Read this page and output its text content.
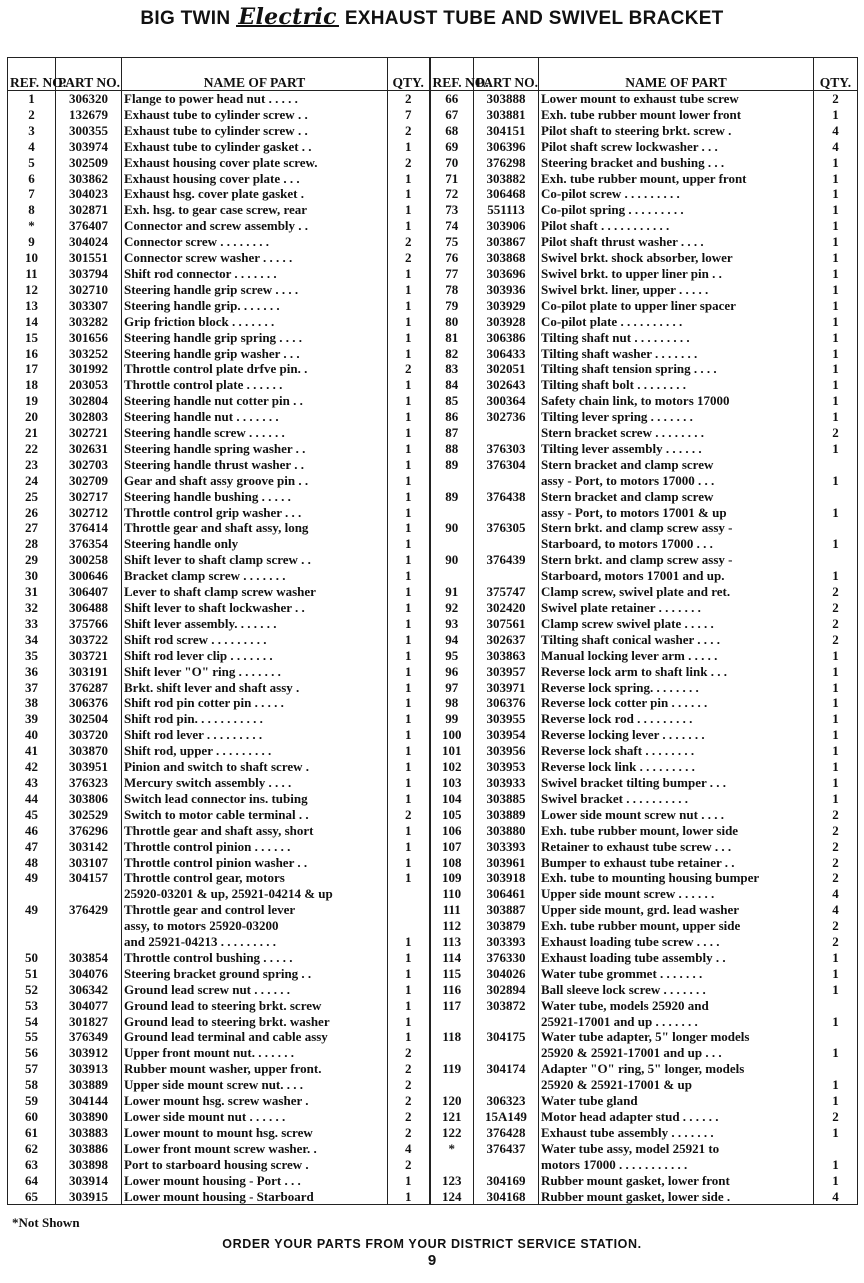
BIG TWIN Electric EXHAUST TUBE AND SWIVEL BRACKET
REF. NO.	PART NO.	NAME OF PART	QTY.	REF. NO.	PART NO.	NAME OF PART	QTY.
1	306320	Flange to power head nut . . . . .	2	66	303888	Lower mount to exhaust tube screw	2
2	132679	Exhaust tube to cylinder screw . .	7	67	303881	Exh. tube rubber mount lower front	1
3	300355	Exhaust tube to cylinder screw . .	2	68	304151	Pilot shaft to steering brkt. screw .	4
4	303974	Exhaust tube to cylinder gasket . .	1	69	306396	Pilot shaft screw lockwasher . . .	4
5	302509	Exhaust housing cover plate screw.	2	70	376298	Steering bracket and bushing . . .	1
6	303862	Exhaust housing cover plate . . .	1	71	303882	Exh. tube rubber mount, upper front	1
7	304023	Exhaust hsg. cover plate gasket .	1	72	306468	Co-pilot screw . . . . . . . . .	1
8	302871	Exh. hsg. to gear case screw, rear	1	73	551113	Co-pilot spring . . . . . . . . .	1
*	376407	Connector and screw assembly . .	1	74	303906	Pilot shaft . . . . . . . . . . .	1
9	304024	Connector screw . . . . . . . .	2	75	303867	Pilot shaft thrust washer . . . .	1
10	301551	Connector screw washer . . . . .	2	76	303868	Swivel brkt. shock absorber, lower	1
11	303794	Shift rod connector . . . . . . .	1	77	303696	Swivel brkt. to upper liner pin . .	1
12	302710	Steering handle grip screw . . . .	1	78	303936	Swivel brkt. liner, upper . . . . .	1
13	303307	Steering handle grip. . . . . . .	1	79	303929	Co-pilot plate to upper liner spacer	1
14	303282	Grip friction block . . . . . . .	1	80	303928	Co-pilot plate . . . . . . . . . .	1
15	301656	Steering handle grip spring . . . .	1	81	306386	Tilting shaft nut . . . . . . . . .	1
16	303252	Steering handle grip washer . . .	1	82	306433	Tilting shaft washer . . . . . . .	1
17	301992	Throttle control plate drfve pin. .	2	83	302051	Tilting shaft tension spring . . . .	1
18	203053	Throttle control plate . . . . . .	1	84	302643	Tilting shaft bolt . . . . . . . .	1
19	302804	Steering handle nut cotter pin . .	1	85	300364	Safety chain link, to motors 17000	1
20	302803	Steering handle nut . . . . . . .	1	86	302736	Tilting lever spring . . . . . . .	1
21	302721	Steering handle screw . . . . . .	1	87		Stern bracket screw . . . . . . . .	2
22	302631	Steering handle spring washer . .	1	88	376303	Tilting lever assembly . . . . . .	1
23	302703	Steering handle thrust washer . .	1	89	376304	Stern bracket and clamp screw	
24	302709	Gear and shaft assy groove pin . .	1			assy - Port, to motors 17000 . . .	1
25	302717	Steering handle bushing . . . . .	1	89	376438	Stern bracket and clamp screw	
26	302712	Throttle control grip washer . . .	1			assy - Port, to motors 17001 & up	1
27	376414	Throttle gear and shaft assy, long	1	90	376305	Stern brkt. and clamp screw assy -	
28	376354	Steering handle only	1			Starboard, to motors 17000 . . .	1
29	300258	Shift lever to shaft clamp screw . .	1	90	376439	Stern brkt. and clamp screw assy -	
30	300646	Bracket clamp screw . . . . . . .	1			Starboard, motors 17001 and up.	1
31	306407	Lever to shaft clamp screw washer	1	91	375747	Clamp screw, swivel plate and ret.	2
32	306488	Shift lever to shaft lockwasher . .	1	92	302420	Swivel plate retainer . . . . . . .	2
33	375766	Shift lever assembly. . . . . . .	1	93	307561	Clamp screw swivel plate . . . . .	2
34	303722	Shift rod screw . . . . . . . . .	1	94	302637	Tilting shaft conical washer . . . .	2
35	303721	Shift rod lever clip . . . . . . .	1	95	303863	Manual locking lever arm . . . . .	1
36	303191	Shift lever "O" ring . . . . . . .	1	96	303957	Reverse lock arm to shaft link . . .	1
37	376287	Brkt. shift lever and shaft assy .	1	97	303971	Reverse lock spring. . . . . . . .	1
38	306376	Shift rod pin cotter pin . . . . .	1	98	306376	Reverse lock cotter pin . . . . . .	1
39	302504	Shift rod pin. . . . . . . . . . .	1	99	303955	Reverse lock rod . . . . . . . . .	1
40	303720	Shift rod lever . . . . . . . . .	1	100	303954	Reverse locking lever . . . . . . .	1
41	303870	Shift rod, upper . . . . . . . . .	1	101	303956	Reverse lock shaft . . . . . . . .	1
42	303951	Pinion and switch to shaft screw .	1	102	303953	Reverse lock link . . . . . . . . .	1
43	376323	Mercury switch assembly . . . .	1	103	303933	Swivel bracket tilting bumper . . .	1
44	303806	Switch lead connector ins. tubing	1	104	303885	Swivel bracket . . . . . . . . . .	1
45	302529	Switch to motor cable terminal . .	2	105	303889	Lower side mount screw nut . . . .	2
46	376296	Throttle gear and shaft assy, short	1	106	303880	Exh. tube rubber mount, lower side	2
47	303142	Throttle control pinion . . . . . .	1	107	303393	Retainer to exhaust tube screw . . .	2
48	303107	Throttle control pinion washer . .	1	108	303961	Bumper to exhaust tube retainer . .	2
49	304157	Throttle control gear, motors	1	109	303918	Exh. tube to mounting housing bumper	2
		25920-03201 & up, 25921-04214 & up		110	306461	Upper side mount screw . . . . . .	4
49	376429	Throttle gear and control lever		111	303887	Upper side mount, grd. lead washer	4
		assy, to motors 25920-03200		112	303879	Exh. tube rubber mount, upper side	2
		and 25921-04213 . . . . . . . . .	1	113	303393	Exhaust loading tube screw . . . .	2
50	303854	Throttle control bushing . . . . .	1	114	376330	Exhaust loading tube assembly . .	1
51	304076	Steering bracket ground spring . .	1	115	304026	Water tube grommet . . . . . . .	1
52	306342	Ground lead screw nut . . . . . .	1	116	302894	Ball sleeve lock screw . . . . . . .	1
53	304077	Ground lead to steering brkt. screw	1	117	303872	Water tube, models 25920 and	
54	301827	Ground lead to steering brkt. washer	1			25921-17001 and up . . . . . . .	1
55	376349	Ground lead terminal and cable assy	1	118	304175	Water tube adapter, 5" longer models	
56	303912	Upper front mount nut. . . . . . .	2			25920 & 25921-17001 and up . . .	1
57	303913	Rubber mount washer, upper front.	2	119	304174	Adapter "O" ring, 5" longer, models	
58	303889	Upper side mount screw nut. . . .	2			25920 & 25921-17001 & up	1
59	304144	Lower mount hsg. screw washer .	2	120	306323	Water tube gland	1
60	303890	Lower side mount nut . . . . . .	2	121	15A149	Motor head adapter stud . . . . . .	2
61	303883	Lower mount to mount hsg. screw	2	122	376428	Exhaust tube assembly . . . . . . .	1
62	303886	Lower front mount screw washer. .	4	*	376437	Water tube assy, model 25921 to	
63	303898	Port to starboard housing screw .	2			motors 17000 . . . . . . . . . . .	1
64	303914	Lower mount housing - Port . . .	1	123	304169	Rubber mount gasket, lower front	1
65	303915	Lower mount housing - Starboard	1	124	304168	Rubber mount gasket, lower side .	4
*Not Shown
ORDER YOUR PARTS FROM YOUR DISTRICT SERVICE STATION.
9
